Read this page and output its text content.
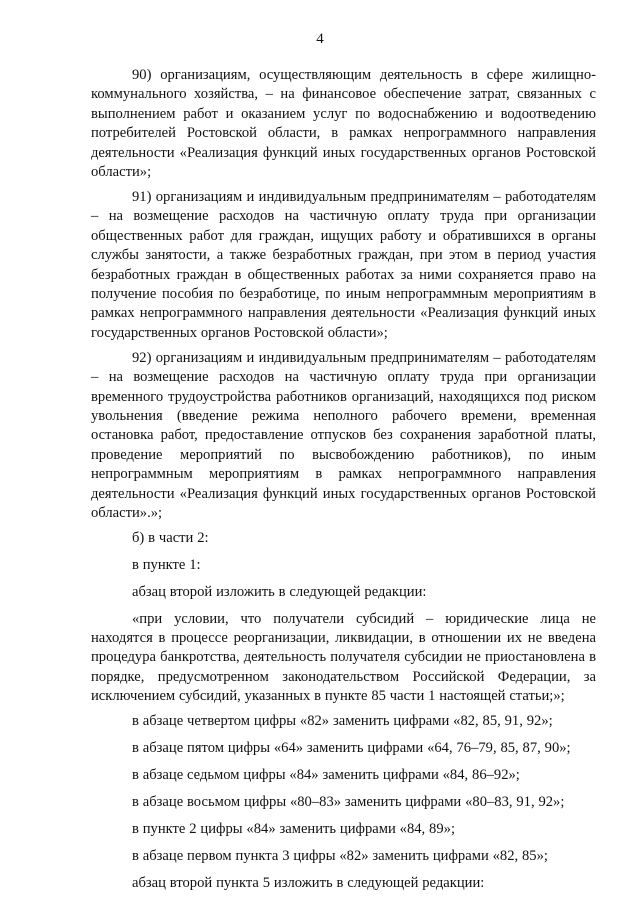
4

90) организациям, осуществляющим деятельность в сфере жилищно-коммунального хозяйства, – на финансовое обеспечение затрат, связанных с выполнением работ и оказанием услуг по водоснабжению и водоотведению потребителей Ростовской области, в рамках непрограммного направления деятельности «Реализация функций иных государственных органов Ростовской области»;

91) организациям и индивидуальным предпринимателям – работодателям – на возмещение расходов на частичную оплату труда при организации общественных работ для граждан, ищущих работу и обратившихся в органы службы занятости, а также безработных граждан, при этом в период участия безработных граждан в общественных работах за ними сохраняется право на получение пособия по безработице, по иным непрограммным мероприятиям в рамках непрограммного направления деятельности «Реализация функций иных государственных органов Ростовской области»;

92) организациям и индивидуальным предпринимателям – работодателям – на возмещение расходов на частичную оплату труда при организации временного трудоустройства работников организаций, находящихся под риском увольнения (введение режима неполного рабочего времени, временная остановка работ, предоставление отпусков без сохранения заработной платы, проведение мероприятий по высвобождению работников), по иным непрограммным мероприятиям в рамках непрограммного направления деятельности «Реализация функций иных государственных органов Ростовской области».»;

б) в части 2:

в пункте 1:

абзац второй изложить в следующей редакции:

«при условии, что получатели субсидий – юридические лица не находятся в процессе реорганизации, ликвидации, в отношении их не введена процедура банкротства, деятельность получателя субсидии не приостановлена в порядке, предусмотренном законодательством Российской Федерации, за исключением субсидий, указанных в пункте 85 части 1 настоящей статьи;»;

в абзаце четвертом цифры «82» заменить цифрами «82, 85, 91, 92»;

в абзаце пятом цифры «64» заменить цифрами «64, 76–79, 85, 87, 90»;

в абзаце седьмом цифры «84» заменить цифрами «84, 86–92»;

в абзаце восьмом цифры «80–83» заменить цифрами «80–83, 91, 92»;

в пункте 2 цифры «84» заменить цифрами «84, 89»;

в абзаце первом пункта 3 цифры «82» заменить цифрами «82, 85»;

абзац второй пункта 5 изложить в следующей редакции:
